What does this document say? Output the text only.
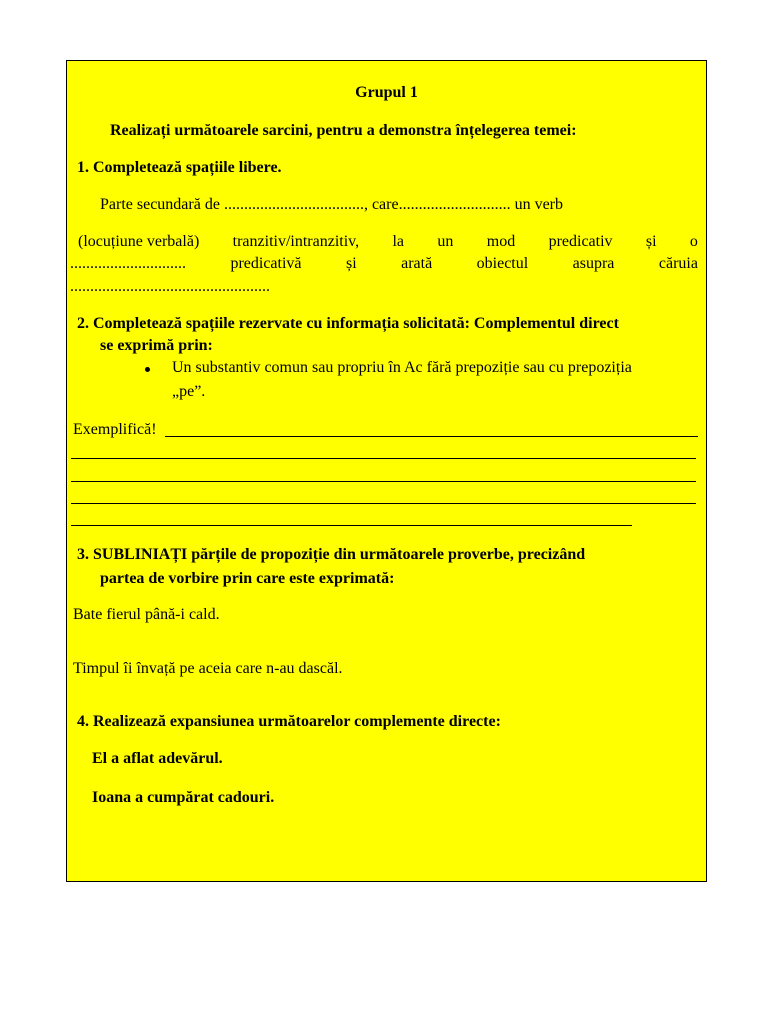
Grupul 1
Realizați următoarele sarcini, pentru a demonstra înțelegerea temei:
1. Completează spațiile libere.
Parte secundară de ..................................., care............................ un verb
(locuțiune verbală) tranzitiv/intranzitiv, la un mod predicativ și o
.............................	predicativă	și	arată	obiectul	asupra	căruia
..................................................
2. Completează spațiile rezervate cu informația solicitată: Complementul direct
se exprimă prin:
Un substantiv comun sau propriu în Ac fără prepoziție sau cu prepoziția
„pe”.
Exemplifică!
3. SUBLINIAȚI părțile de propoziție din următoarele proverbe, precizând
partea de vorbire prin care este exprimată:
Bate fierul până-i cald.
Timpul îi învață pe aceia care n-au dascăl.
4. Realizează expansiunea următoarelor complemente directe:
El a aflat adevărul.
Ioana a cumpărat cadouri.
